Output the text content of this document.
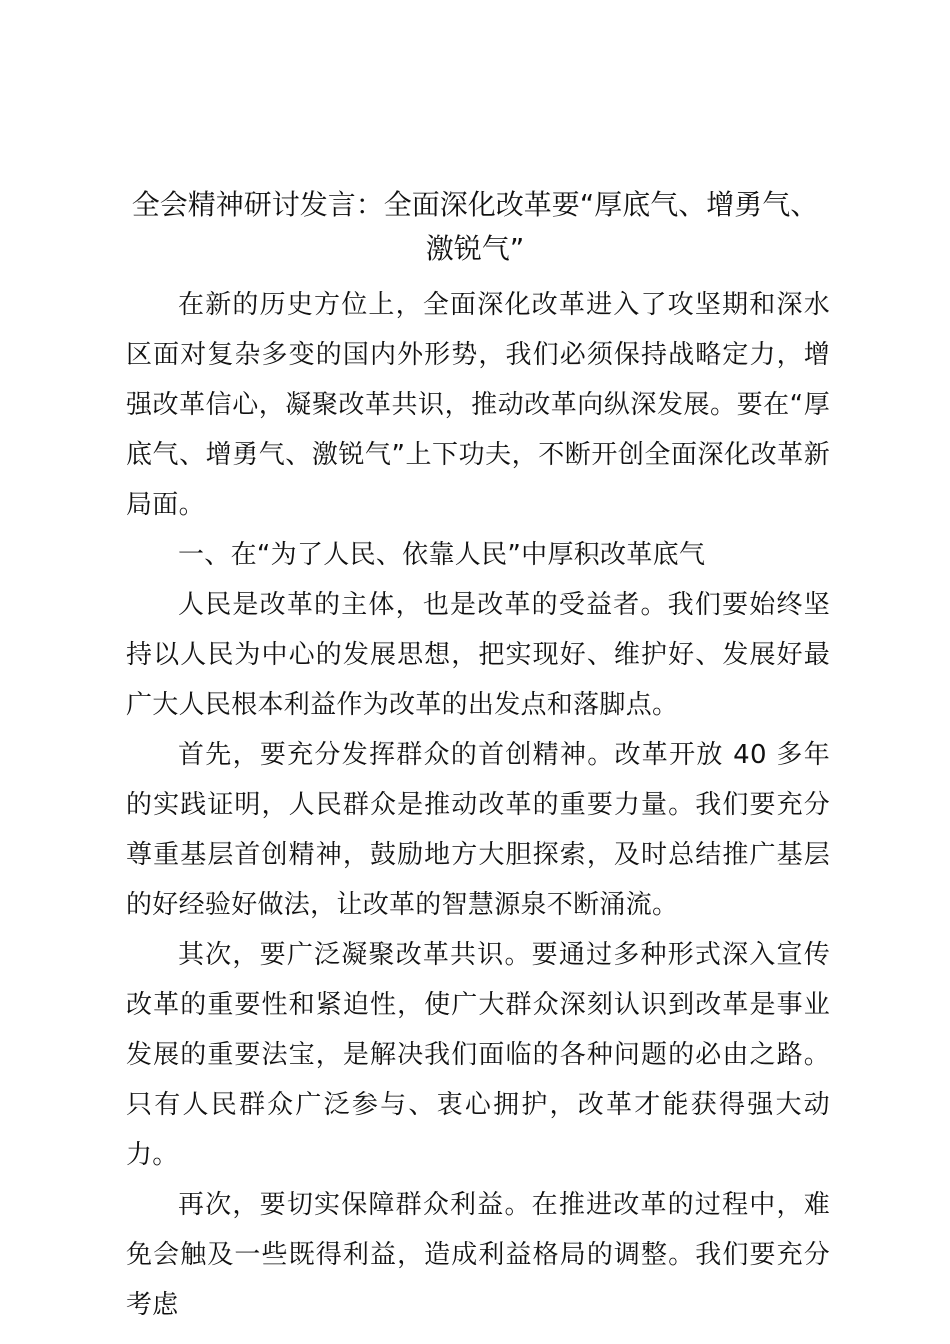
全会精神研讨发言：全面深化改革要“厚底气、增勇气、激锐气”

在新的历史方位上，全面深化改革进入了攻坚期和深水区面对复杂多变的国内外形势，我们必须保持战略定力，增强改革信心，凝聚改革共识，推动改革向纵深发展。要在“厚底气、增勇气、激锐气”上下功夫，不断开创全面深化改革新局面。

一、在“为了人民、依靠人民”中厚积改革底气

人民是改革的主体，也是改革的受益者。我们要始终坚持以人民为中心的发展思想，把实现好、维护好、发展好最广大人民根本利益作为改革的出发点和落脚点。

首先，要充分发挥群众的首创精神。改革开放 40 多年的实践证明，人民群众是推动改革的重要力量。我们要充分尊重基层首创精神，鼓励地方大胆探索，及时总结推广基层的好经验好做法，让改革的智慧源泉不断涌流。

其次，要广泛凝聚改革共识。要通过多种形式深入宣传改革的重要性和紧迫性，使广大群众深刻认识到改革是事业发展的重要法宝，是解决我们面临的各种问题的必由之路。只有人民群众广泛参与、衷心拥护，改革才能获得强大动力。

再次，要切实保障群众利益。在推进改革的过程中，难免会触及一些既得利益，造成利益格局的调整。我们要充分考虑
